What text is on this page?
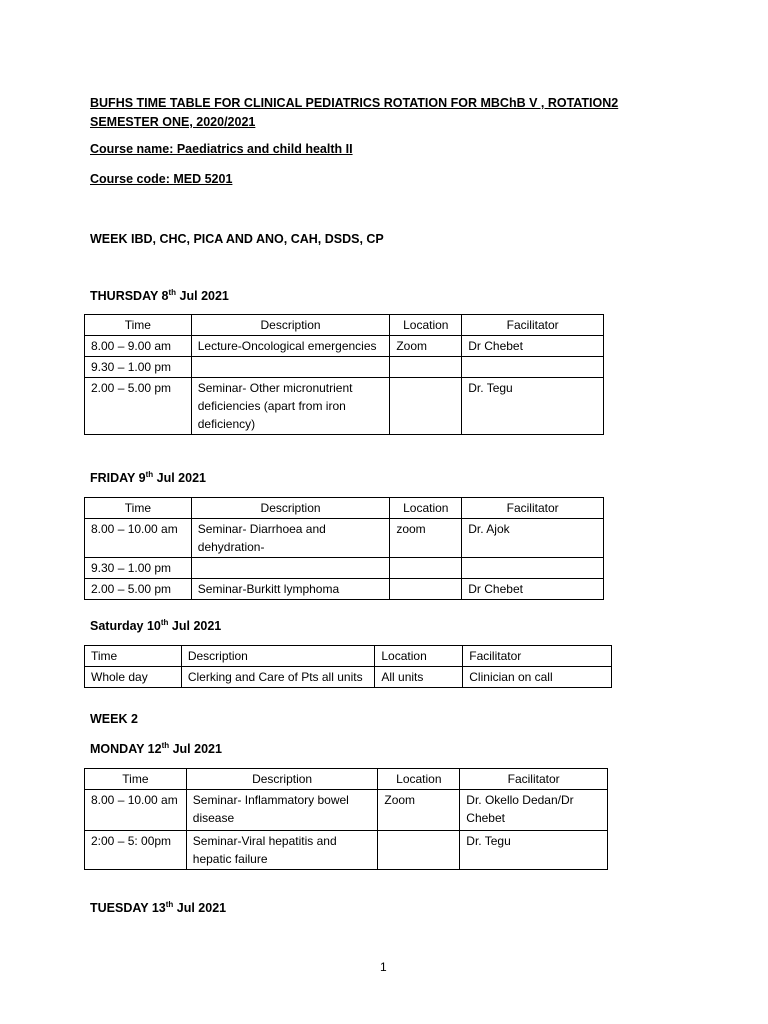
BUFHS TIME TABLE FOR CLINICAL PEDIATRICS ROTATION FOR MBChB V , ROTATION2 SEMESTER ONE, 2020/2021
Course name: Paediatrics and child health II
Course code: MED 5201
WEEK IBD, CHC, PICA AND ANO, CAH, DSDS, CP
THURSDAY 8th Jul 2021
Time	Description	Location	Facilitator
8.00 – 9.00 am	Lecture-Oncological emergencies	Zoom	Dr Chebet
9.30 – 1.00 pm			
2.00 – 5.00 pm	Seminar- Other micronutrient deficiencies (apart from iron deficiency)		Dr. Tegu
FRIDAY 9th Jul 2021
Time	Description	Location	Facilitator
8.00 – 10.00 am	Seminar- Diarrhoea and dehydration-	zoom	Dr. Ajok
9.30 – 1.00 pm			
2.00 – 5.00 pm	Seminar-Burkitt lymphoma		Dr Chebet
Saturday 10th Jul 2021
Time	Description	Location	Facilitator
Whole day	Clerking and Care of Pts all units	All units	Clinician on call
WEEK 2
MONDAY 12th Jul 2021
Time	Description	Location	Facilitator
8.00 – 10.00 am	Seminar- Inflammatory bowel disease	Zoom	Dr. Okello Dedan/Dr Chebet
2:00 – 5: 00pm	Seminar-Viral hepatitis and hepatic failure		Dr. Tegu
TUESDAY 13th Jul 2021
1
